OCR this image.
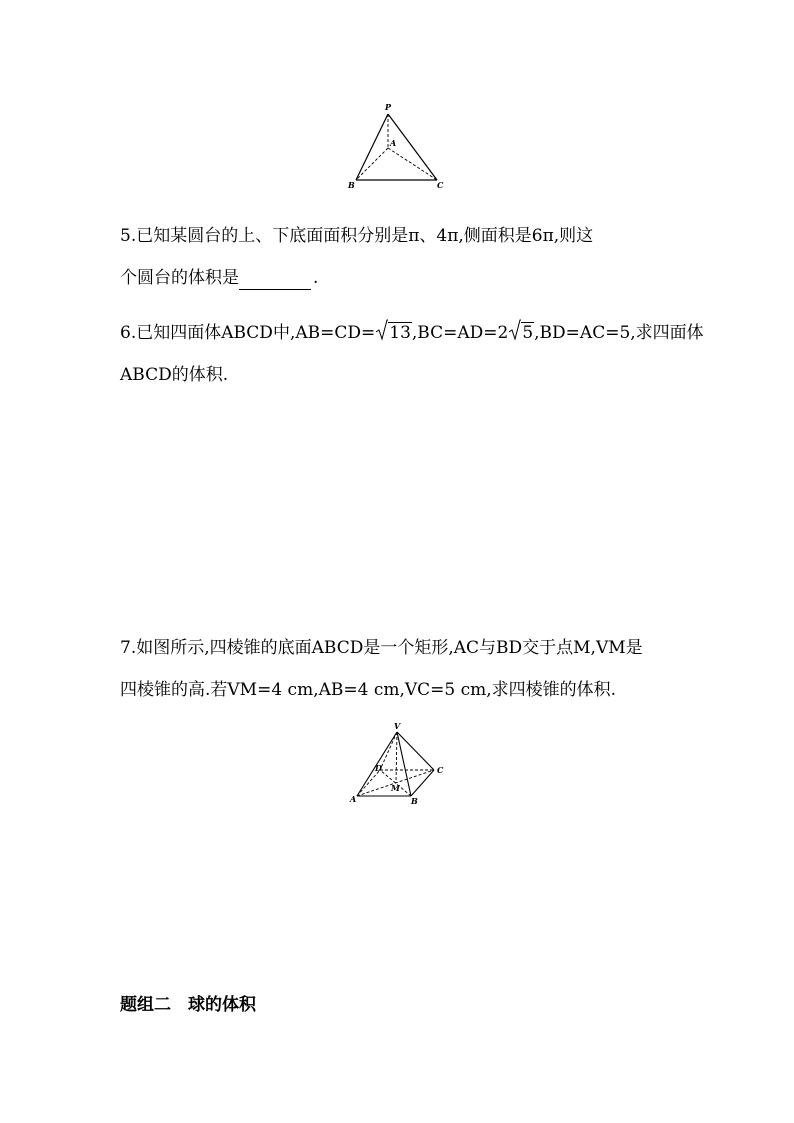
P
A
B	C
5.已知某圆台的上、下底面面积分别是π、4π,侧面积是6π,则这
个圆台的体积是	.
6.已知四面体ABCD中,AB=CD= 13,BC=AD=2 5,BD=AC=5,求四面体
ABCD的体积.
7.如图所示,四棱锥的底面ABCD是一个矩形,AC与BD交于点M,VM是
四棱锥的高.若VM=4 cm,AB=4 cm,VC=5 cm,求四棱锥的体积.
V
D	C
M
A	B
题组二　球的体积
